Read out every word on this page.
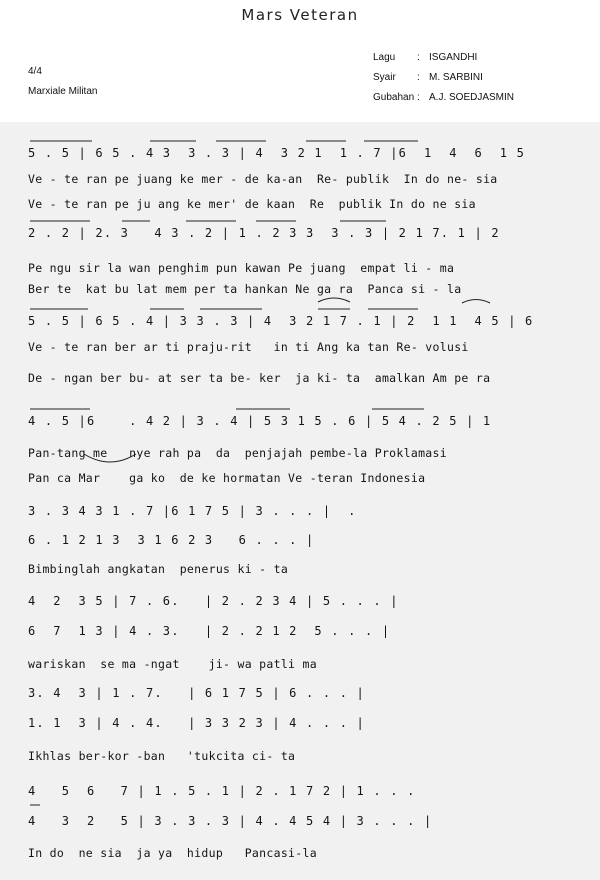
Mars Veteran
4/4
Marxiale Militan
Lagu	: ISGANDHI
Syair	: M. SARBINI
Gubahan : A.J. SOEDJASMIN
5 . 5 | 6 5 . 4 3  3 . 3 | 4  3 2 1  1 . 7 |6  1  4  6  1 5
Ve - te ran pe juang ke mer - de ka-an  Re- publik  In do ne- sia
Ve - te ran pe ju ang ke mer' de kaan  Re  publik In do ne sia
2 . 2 | 2. 3   4 3 . 2 | 1 . 2 3 3  3 . 3 | 2 1 7. 1 | 2
Pe ngu sir la wan penghim pun kawan Pe juang  empat li - ma
Ber te  kat bu lat mem per ta hankan Ne ga ra  Panca si - la
5 . 5 | 6 5 . 4 | 3 3 . 3 | 4  3 2 1 7 . 1 | 2  1 1  4 5 | 6
Ve - te ran ber ar ti praju-rit   in ti Ang ka tan Re- volusi
De - ngan ber bu- at ser ta be- ker  ja ki- ta  amalkan Am pe ra
4 . 5 |6    . 4 2 | 3 . 4 | 5 3 1 5 . 6 | 5 4 . 2 5 | 1
Pan-tang me   nye rah pa  da  penjajah pembe-la Proklamasi
Pan ca Mar    ga ko  de ke hormatan Ve -teran Indonesia
3 . 3 4 3 1 . 7 |6 1 7 5 | 3 . . . |  .
6 . 1 2 1 3  3 1 6 2 3   6 . . . |
Bimbinglah angkatan  penerus ki - ta
4  2  3 5 | 7 . 6.   | 2 . 2 3 4 | 5 . . . |
6  7  1 3 | 4 . 3.   | 2 . 2 1 2  5 . . . |
wariskan  se ma -ngat    ji- wa patli ma
3. 4  3 | 1 . 7.   | 6 1 7 5 | 6 . . . |
1. 1  3 | 4 . 4.   | 3 3 2 3 | 4 . . . |
Ikhlas ber-kor -ban   'tukcita ci- ta
4   5  6   7 | 1 . 5 . 1 | 2 . 1 7 2 | 1 . . .
4   3  2   5 | 3 . 3 . 3 | 4 . 4 5 4 | 3 . . . |
In do  ne sia  ja ya  hidup   Pancasi-la
